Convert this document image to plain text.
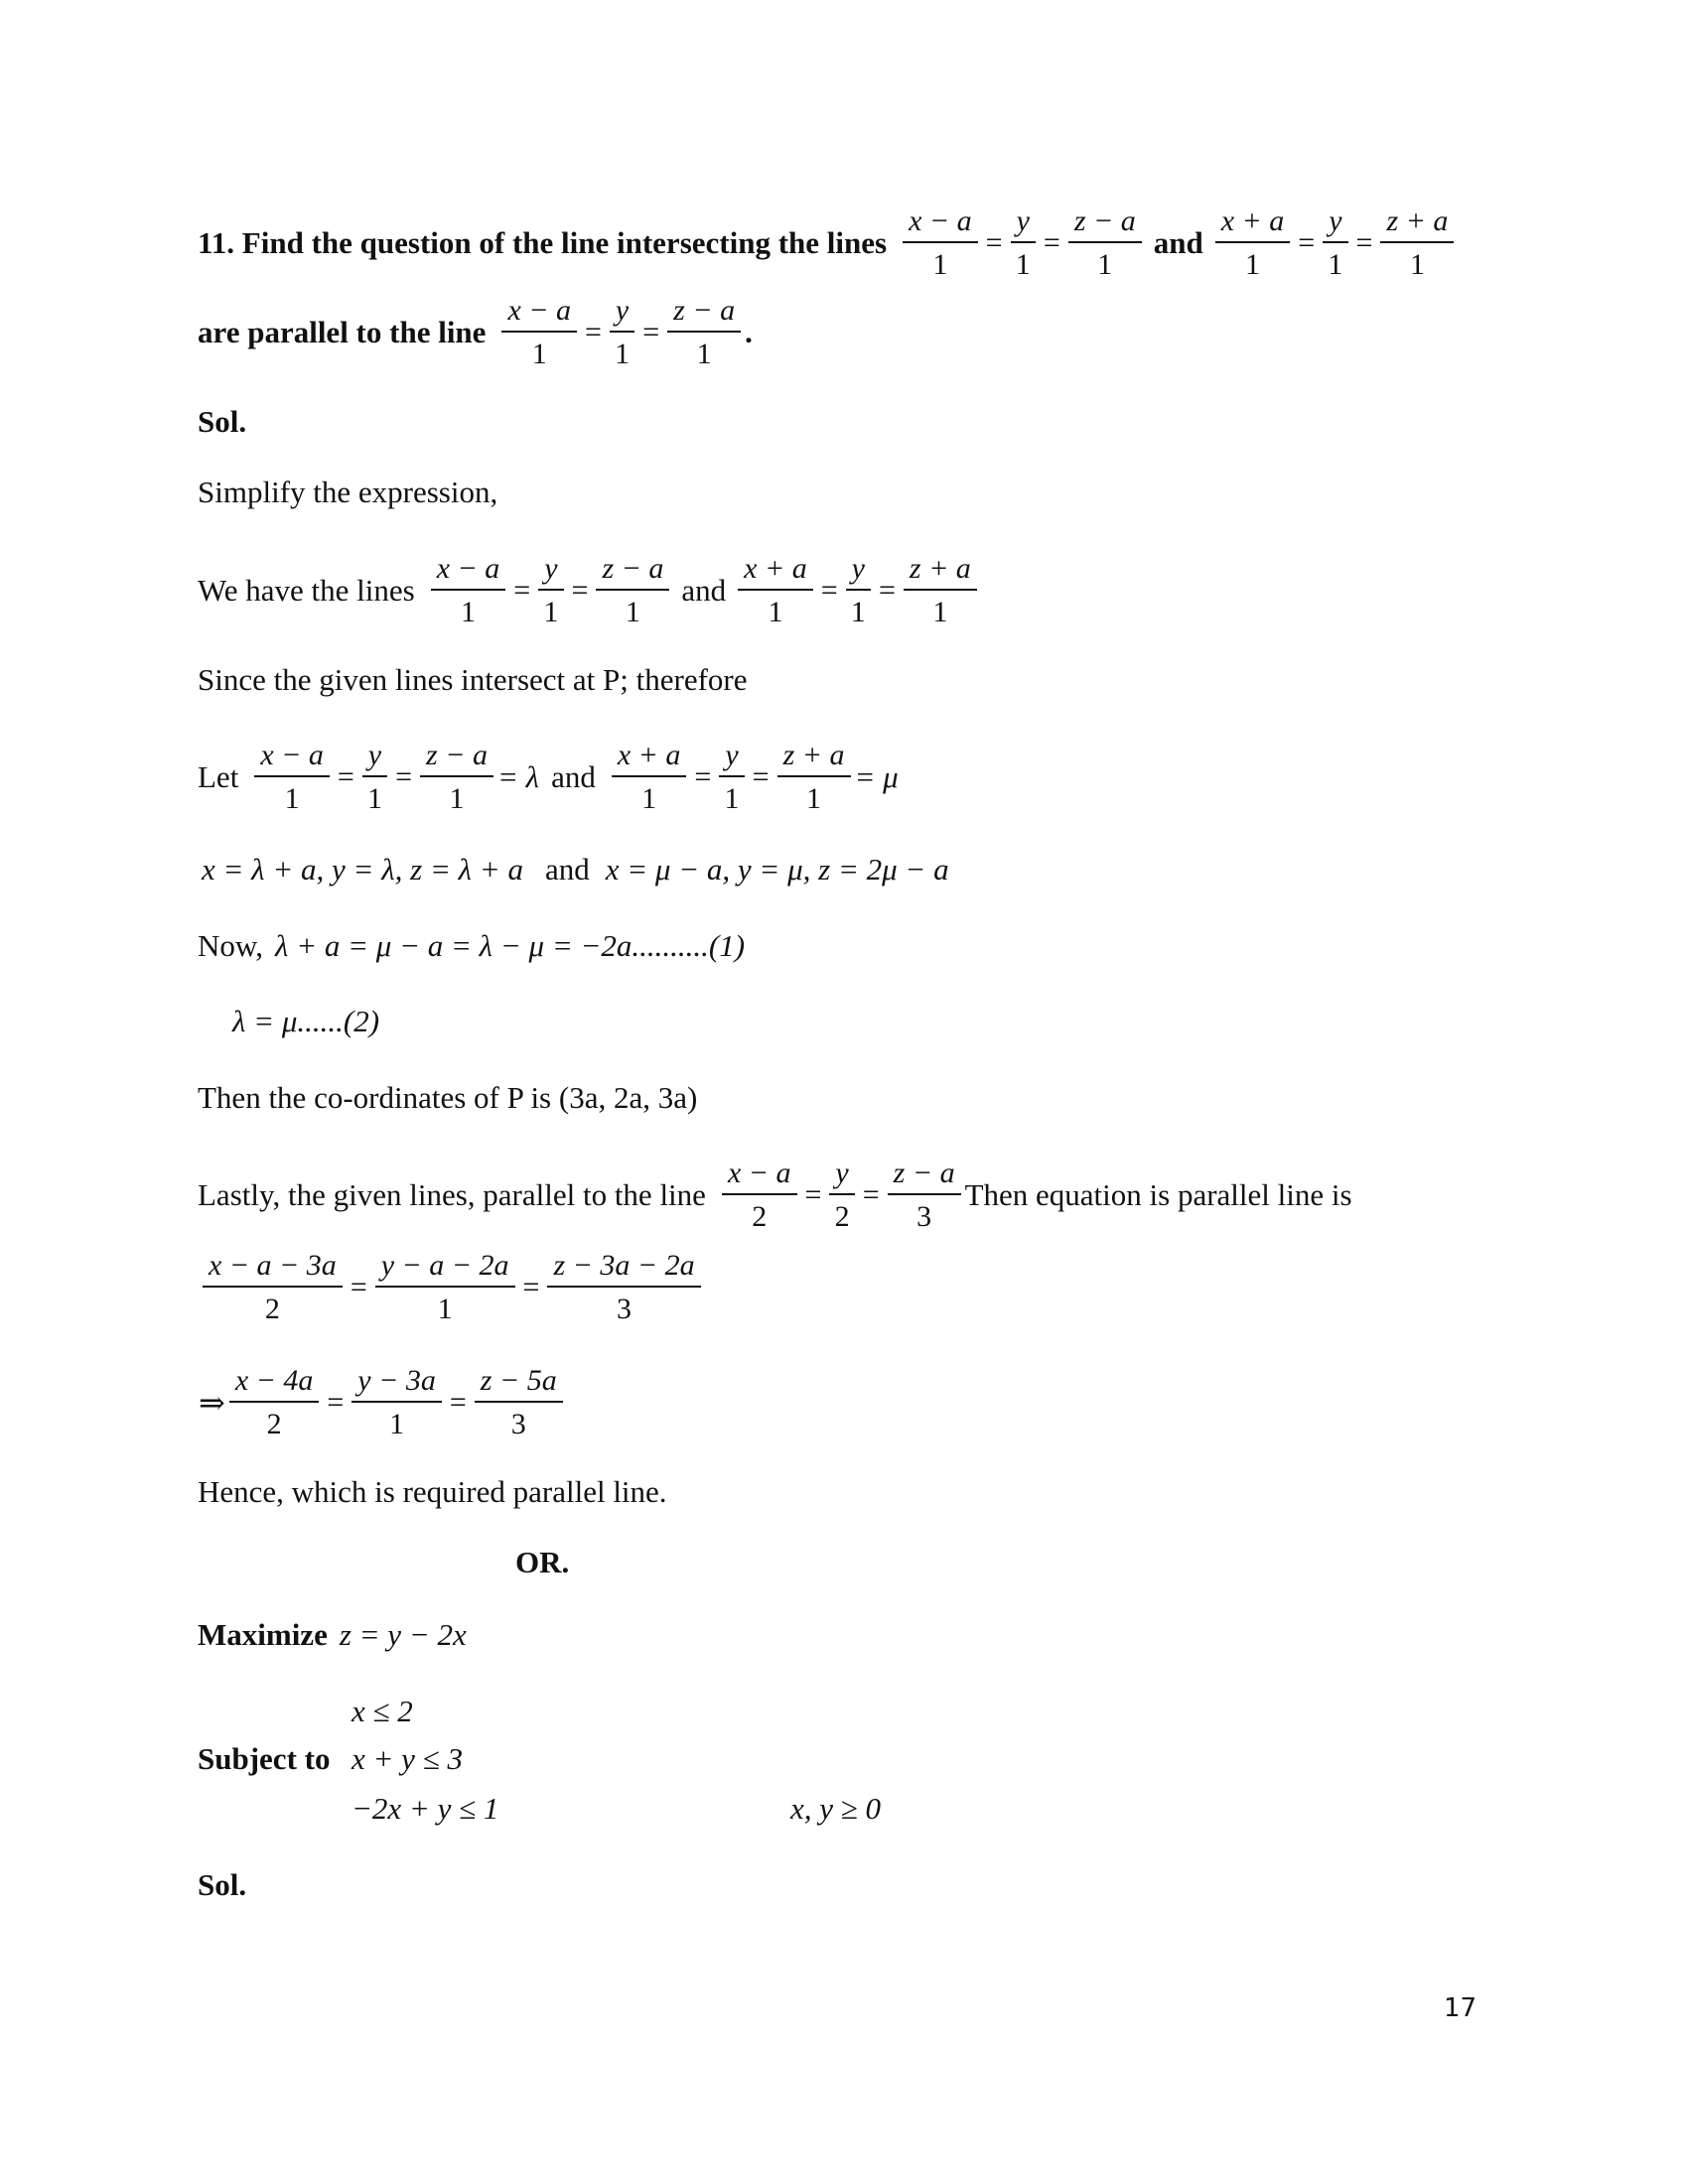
11. Find the question of the line intersecting the lines $\frac{x - a}{1} = \frac{y}{1} = \frac{z - a}{1}$ and $\frac{x + a}{1} = \frac{y}{1} = \frac{z + a}{1}$
are parallel to the line $\frac{x - a}{1} = \frac{y}{1} = \frac{z - a}{1}$ .
Sol.
Simplify the expression,
We have the lines $\frac{x - a}{1} = \frac{y}{1} = \frac{z - a}{1}$ and $\frac{x + a}{1} = \frac{y}{1} = \frac{z + a}{1}$
Since the given lines intersect at P; therefore
Let $\frac{x - a}{1} = \frac{y}{1} = \frac{z - a}{1} = \lambda$ and $\frac{x + a}{1} = \frac{y}{1} = \frac{z + a}{1} = \mu$
x = λ + a, y = λ, z = λ + a and x = μ − a, y = μ, z = 2μ − a
Now, λ + a = μ − a = λ − μ = −2a..........(1)
λ = μ......(2)
Then the co-ordinates of P is (3a, 2a, 3a)
Lastly, the given lines, parallel to the line $\frac{x - a}{2} = \frac{y}{2} = \frac{z - a}{3}$ Then equation is parallel line is
$\frac{x - a - 3a}{2} = \frac{y - a - 2a}{1} = \frac{z - 3a - 2a}{3}$
⇒ $\frac{x - 4a}{2} = \frac{y - 3a}{1} = \frac{z - 5a}{3}$
Hence, which is required parallel line.
OR.
Maximize z = y − 2x
x ≤ 2
Subject to x + y ≤ 3
−2x + y ≤ 1	x, y ≥ 0
Sol.
17
